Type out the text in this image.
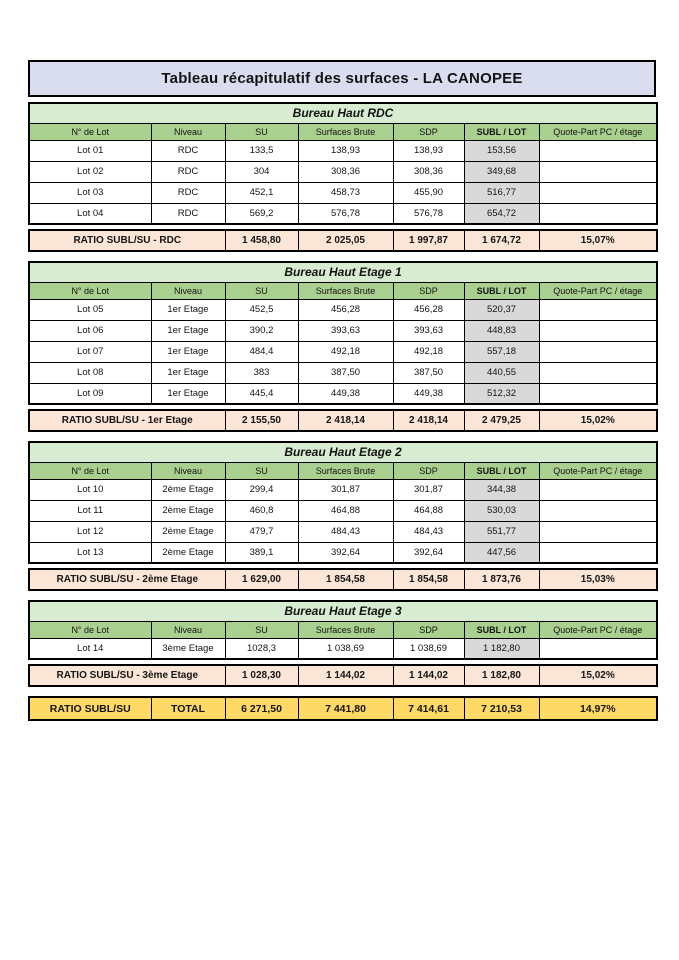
Tableau récapitulatif des surfaces - LA CANOPEE
Bureau Haut RDC						
N° de Lot	Niveau	SU	Surfaces Brute	SDP	SUBL / LOT	Quote-Part PC / étage
Lot 01	RDC	133,5	138,93	138,93	153,56	
Lot 02	RDC	304	308,36	308,36	349,68	
Lot 03	RDC	452,1	458,73	455,90	516,77	
Lot 04	RDC	569,2	576,78	576,78	654,72	
RATIO SUBL/SU - RDC	1 458,80	2 025,05	1 997,87	1 674,72	15,07%
Bureau Haut Etage 1						
N° de Lot	Niveau	SU	Surfaces Brute	SDP	SUBL / LOT	Quote-Part PC / étage
Lot 05	1er Etage	452,5	456,28	456,28	520,37	
Lot 06	1er Etage	390,2	393,63	393,63	448,83	
Lot 07	1er Etage	484,4	492,18	492,18	557,18	
Lot 08	1er Etage	383	387,50	387,50	440,55	
Lot 09	1er Etage	445,4	449,38	449,38	512,32	
RATIO SUBL/SU - 1er Etage	2 155,50	2 418,14	2 418,14	2 479,25	15,02%
Bureau Haut Etage 2						
N° de Lot	Niveau	SU	Surfaces Brute	SDP	SUBL / LOT	Quote-Part PC / étage
Lot 10	2ème Etage	299,4	301,87	301,87	344,38	
Lot 11	2ème Etage	460,8	464,88	464,88	530,03	
Lot 12	2ème Etage	479,7	484,43	484,43	551,77	
Lot 13	2ème Etage	389,1	392,64	392,64	447,56	
RATIO SUBL/SU - 2ème Etage	1 629,00	1 854,58	1 854,58	1 873,76	15,03%
Bureau Haut Etage 3						
N° de Lot	Niveau	SU	Surfaces Brute	SDP	SUBL / LOT	Quote-Part PC / étage
Lot 14	3ème Etage	1028,3	1 038,69	1 038,69	1 182,80	
RATIO SUBL/SU - 3ème Etage	1 028,30	1 144,02	1 144,02	1 182,80	15,02%
RATIO SUBL/SU	TOTAL	6 271,50	7 441,80	7 414,61	7 210,53	14,97%
